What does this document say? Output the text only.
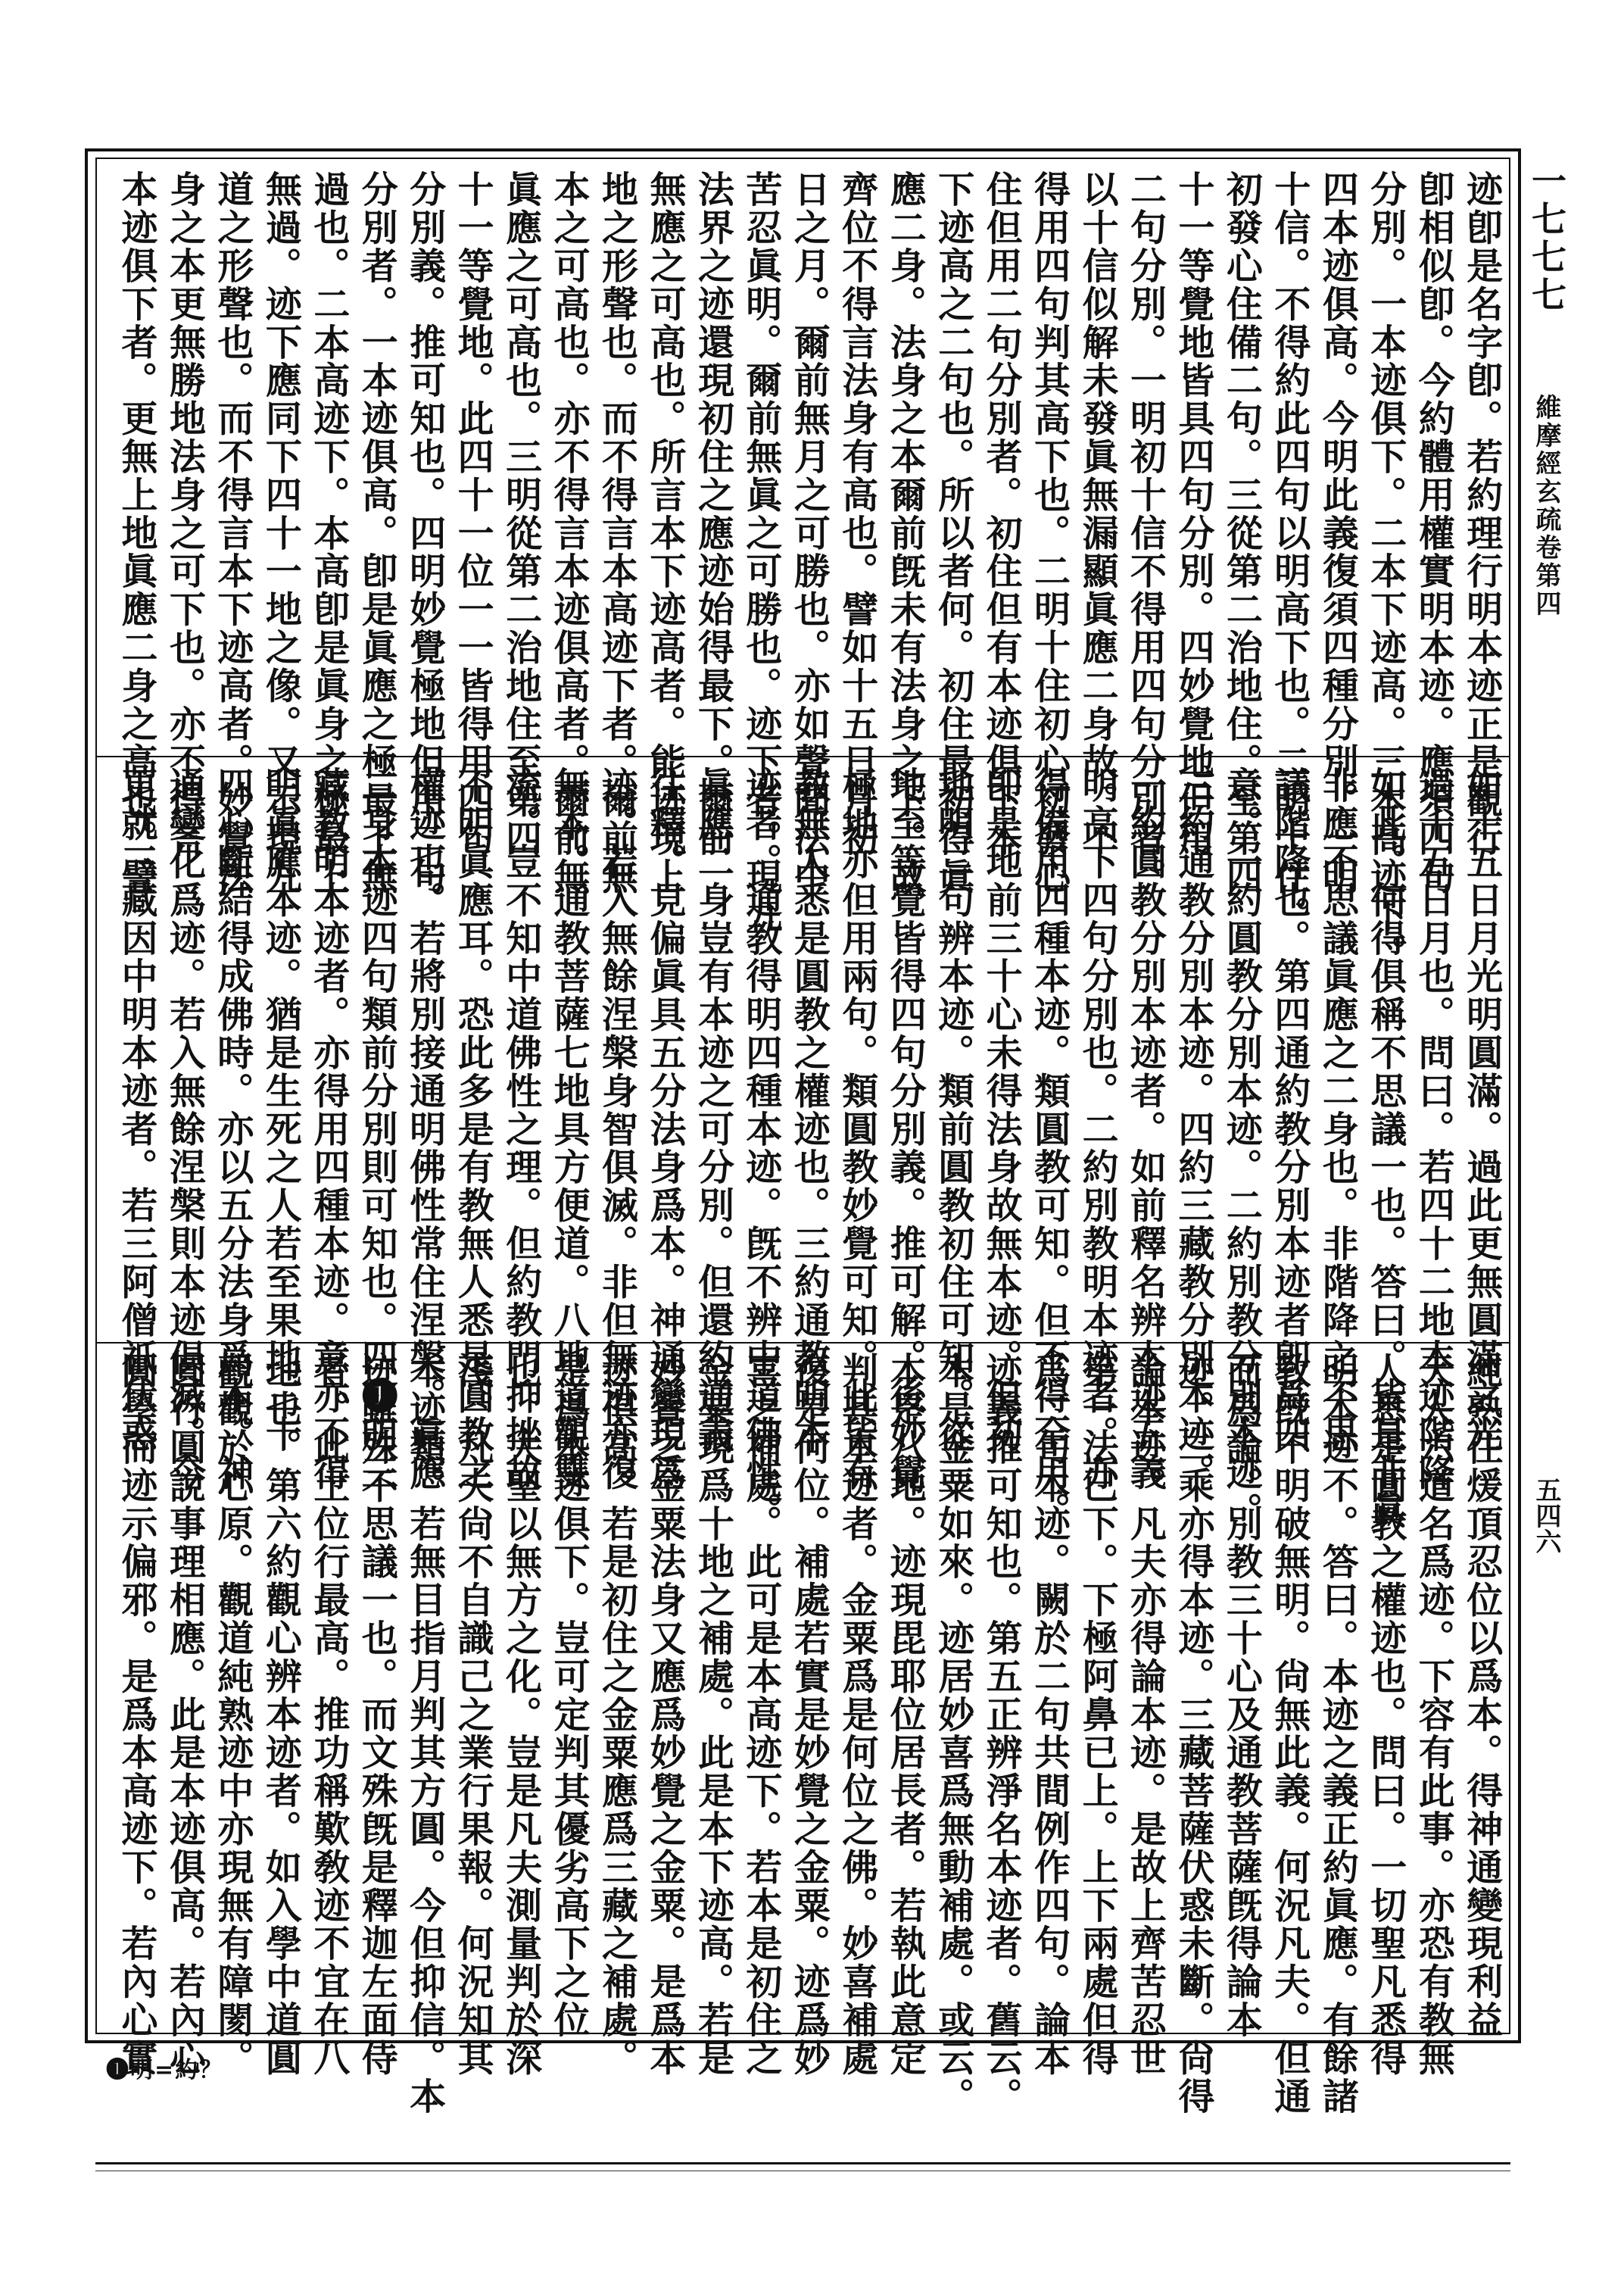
一七七七
維摩經玄疏卷第四
五四六
迹卽是名字卽。若約理行明本迹正是觀行
卽相似卽。今約體用權實明本迹。應須四句
分別。一本迹俱下。二本下迹高。三本高迹下。
四本迹俱高。今明此義復須四種分別。一明
十信。不得約此四句以明高下也。二明十住。
初發心住備二句。三從第二治地住。至第四
十一等覺地皆具四句分別。四妙覺地但用
二句分別。一明初十信不得用四句分別者。
以十信似解未發眞無漏顯眞應二身故。不
得用四句判其高下也。二明十住初心初發心
住但用二句分別者。初住但有本迹俱下本
下迹高之二句也。所以者何。初住最初得眞
應二身。法身之本爾前旣未有法身之下。故
齊位不得言法身有高也。譬如十五日月初
日之月。爾前無月之可勝也。亦如聲聞法中
苦忍眞明。爾前無眞之可勝也。迹下者。現九
法界之迹還現初住之應迹始得最下。爾前
無應之可高也。所言本下迹高者。能迹現上
地之形聲也。而不得言本高迹下者。爾前無
本之可高也。亦不得言本迹俱高者。爾前無
眞應之可高也。三明從第二治地住至第四
十一等覺地。此四十一位一一皆得用四句
分別義。推可知也。四明妙覺極地但用二句
分別者。一本迹俱高。卽是眞應之極最上無
過也。二本高迹下。本高卽是眞身之極最上
無過。迹下應同下四十一地之像。又示現九
道之形聲也。而不得言本下迹高者。妙覺法
身之本更無勝地法身之可下也。亦不得言
本迹俱下者。更無上地眞應二身之高也。譬
如十五日月光明圓滿。過此更無圓滿之光
過十五日月也。問曰。若四十二地本迹階降
如此。何得俱稱不思議一也。答曰。皆是非眞
非應不思議眞應之二身也。非階降之不思
議階降也。第四通約教分別本迹者卽爲四
意。一約圓教分別本迹。二約別教分別本迹。
三約通教分別本迹。四約三藏教分別本迹。
一約圓教分別本迹者。如前釋名辨本迹五義
明高下四句分別也。二約別教明本迹者。亦
得備用四種本迹。類圓教可知。但不得全用。
卽是地前三十心未得法身故無本迹。但初
地明二句辨本迹。類前圓教初住可知。從二
地至等覺皆得四句分別義。推可解。後妙覺
極地亦但用兩句。類圓教妙覺可知。此皆有
教無人悉是圓教之權迹也。三約通教明本
迹者。通教得明四種本迹。旣不辨中道佛性。
眞應二身豈有本迹之可分別。但還約通義
往釋。見偏眞具五分法身爲本。神通變現爲
迹。若入無餘涅槃身智俱滅。非但無迹亦復
無本。通教菩薩七地具方便道。八地道觀雙
流。豈不知中道佛性之理。但約教門抑挫故
不明眞應耳。恐此多是有教無人悉是圓教之
權迹也。若將別接通明佛性常住涅槃。眞應
二身本迹四句類前分別則可知也。四❶明三
藏教明本迹者。亦得用四種本迹。意亦不得
明眞應本迹。猶是生死之人若至果地三十
四心斷結得成佛時。亦以五分法身爲本。神
通變化爲迹。若入無餘涅槃則本迹俱滅。今
更就三藏因中明本迹者。若三阿僧祇伏惑
純熟住煖頂忍位以爲本。得神通變現利益
天人六道名爲迹。下容有此事。亦恐有教無
人悉是圓教之權迹也。問曰。一切聖凡悉得
明本迹不。答曰。本迹之義正約眞應。有餘諸
教旣不明破無明。尙無此義。何況凡夫。但通
而爲論。別教三十心及通教菩薩旣得論本
迹。二乘亦得本迹。三藏菩薩伏惑未斷。尙得
論本迹。凡夫亦得論本迹。是故上齊苦忍世
第一法已下。下極阿鼻已上。上下兩處但得
爲二句本迹。闕於二句共間例作四句。論本
迹義推可知也。第五正辨淨名本迹者。舊云。
本是金粟如來。迹居妙喜爲無動補處。或云。
本是八地。迹現毘耶位居長者。若執此意定
判其本迹者。金粟爲是何位之佛。妙喜補處
復是何位。補處若實是妙覺之金粟。迹爲妙
喜之補處。此可是本高迹下。若本是初住之
金粟現爲十地之補處。此是本下迹高。若是
妙覺之金粟法身又應爲妙覺之金粟。是爲本
迹俱高。若是初住之金粟應爲三藏之補處。
是爲本迹俱下。豈可定判其優劣高下之位
也。大聖以無方之化。豈是凡夫測量判於深
淺。凡夫尙不自識己之業行果報。何況知其
本迹類。若無目指月判其方圓。今但抑信。本
迹雖殊不思議一也。而文殊旣是釋迦左面侍
者。此土位行最高。推功稱歎敎迹不宜在八
地也。第六約觀心辨本迹者。如入學中道圓
觀觀於心原。觀道純熟迹中亦現無有障閡。
圓行圓說事理相應。此是本迹俱高。若內心
圓學而迹示偏邪。是爲本高迹下。若內心實
❶明=約？
